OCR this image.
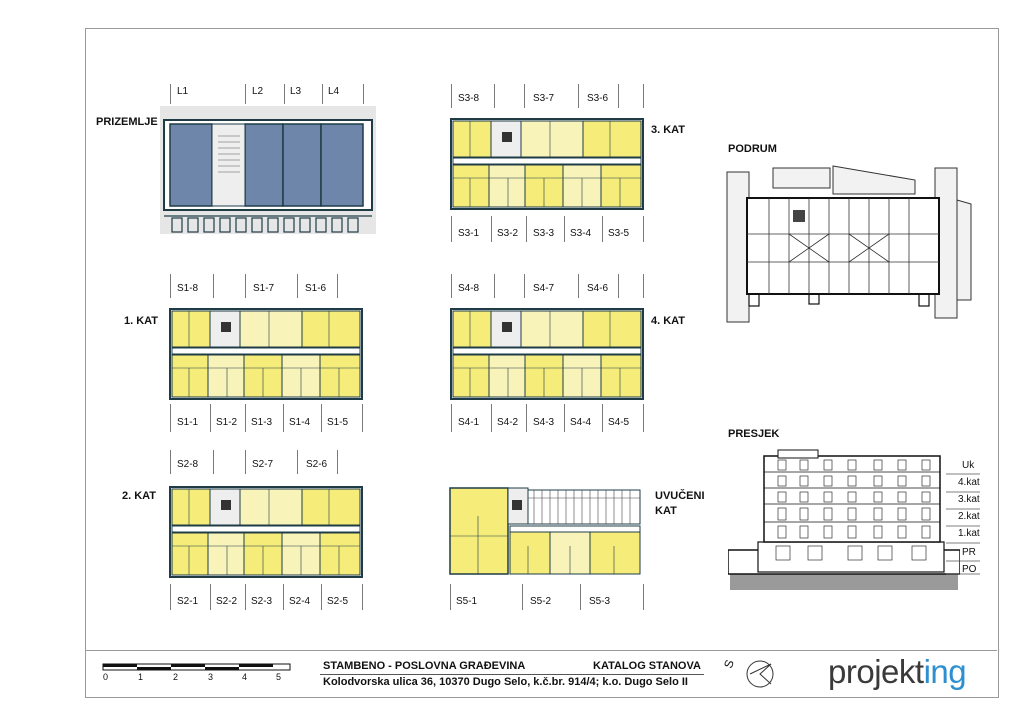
PRIZEMLJE
L1	L2	L3	L4
1. KAT
S1-8	S1-7	S1-6
S1-1 S1-2 S1-3 S1-4 S1-5
2. KAT
S2-8	S2-7	S2-6
S2-1 S2-2 S2-3 S2-4 S2-5
3. KAT
S3-8	S3-7	S3-6
S3-1 S3-2 S3-3 S3-4 S3-5
4. KAT
S4-8	S4-7	S4-6
S4-1 S4-2 S4-3 S4-4 S4-5
UVUČENI
KAT
S5-1	S5-2	S5-3
PODRUM
PRESJEK
Uk
4.kat
3.kat
2.kat
1.kat
PR
PO
0	1	2	3	4	5
STAMBENO - POSLOVNA GRAĐEVINA	KATALOG STANOVA
Kolodvorska ulica 36, 10370 Dugo Selo, k.č.br. 914/4; k.o. Dugo Selo II
S	projekting
